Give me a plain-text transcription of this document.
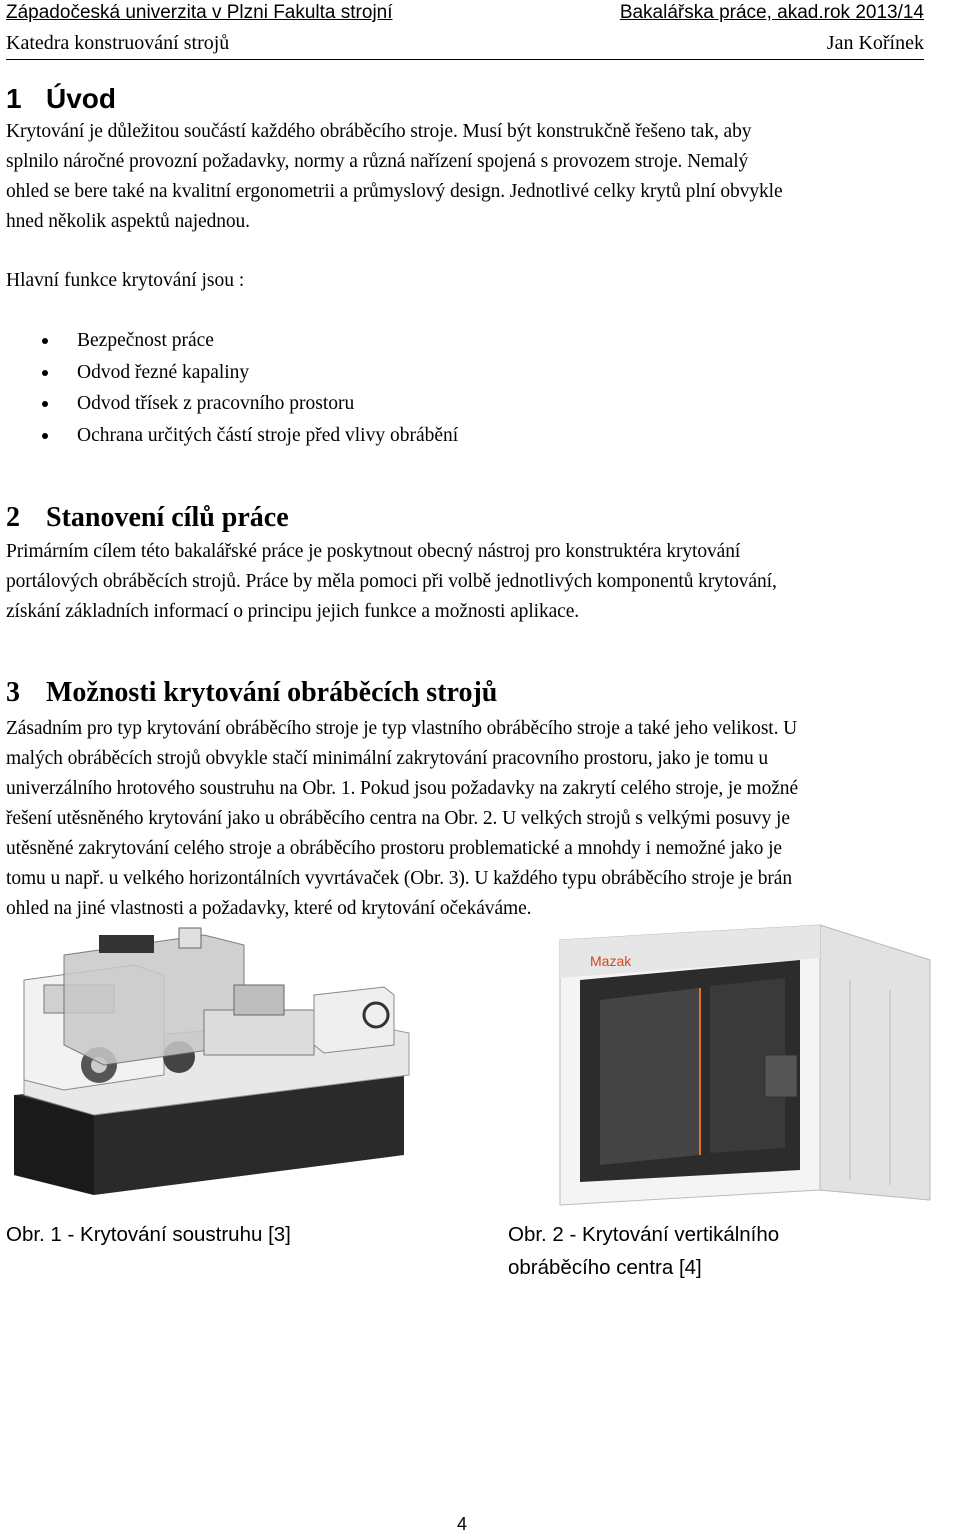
Západočeská univerzita v Plzni Fakulta strojní	Bakalářska práce, akad.rok 2013/14
Katedra konstruování strojů	Jan Kořínek
1 Úvod
Krytování je důležitou součástí každého obráběcího stroje. Musí být konstrukčně řešeno tak, aby
splnilo náročné provozní požadavky, normy a různá nařízení spojená s provozem stroje. Nemalý
ohled se bere také na kvalitní ergonometrii a průmyslový design. Jednotlivé celky krytů plní obvykle
hned několik aspektů najednou.
Hlavní funkce krytování jsou :
Bezpečnost práce
Odvod řezné kapaliny
Odvod třísek z pracovního prostoru
Ochrana určitých částí stroje před vlivy obrábění
2 Stanovení cílů práce
Primárním cílem této bakalářské práce je poskytnout obecný nástroj pro konstruktéra krytování
portálových obráběcích strojů. Práce by měla pomoci při volbě jednotlivých komponentů krytování,
získání základních informací o principu jejich funkce a možnosti aplikace.
3 Možnosti krytování obráběcích strojů
Zásadním pro typ krytování obráběcího stroje je typ vlastního obráběcího stroje a také jeho velikost. U
malých obráběcích strojů obvykle stačí minimální zakrytování pracovního prostoru, jako je tomu u
univerzálního hrotového soustruhu na Obr. 1. Pokud jsou požadavky na zakrytí celého stroje, je možné
řešení utěsněného krytování jako u obráběcího centra na Obr. 2. U velkých strojů s velkými posuvy je
utěsněné zakrytování celého stroje a obráběcího prostoru problematické a mnohdy i nemožné jako je
tomu u např. u velkého horizontálních vyvrtávaček (Obr. 3). U každého typu obráběcího stroje je brán
ohled na jiné vlastnosti a požadavky, které od krytování očekáváme.
Mazak
Obr. 1 - Krytování soustruhu [3]	Obr. 2 - Krytování vertikálního
obráběcího centra [4]
4
